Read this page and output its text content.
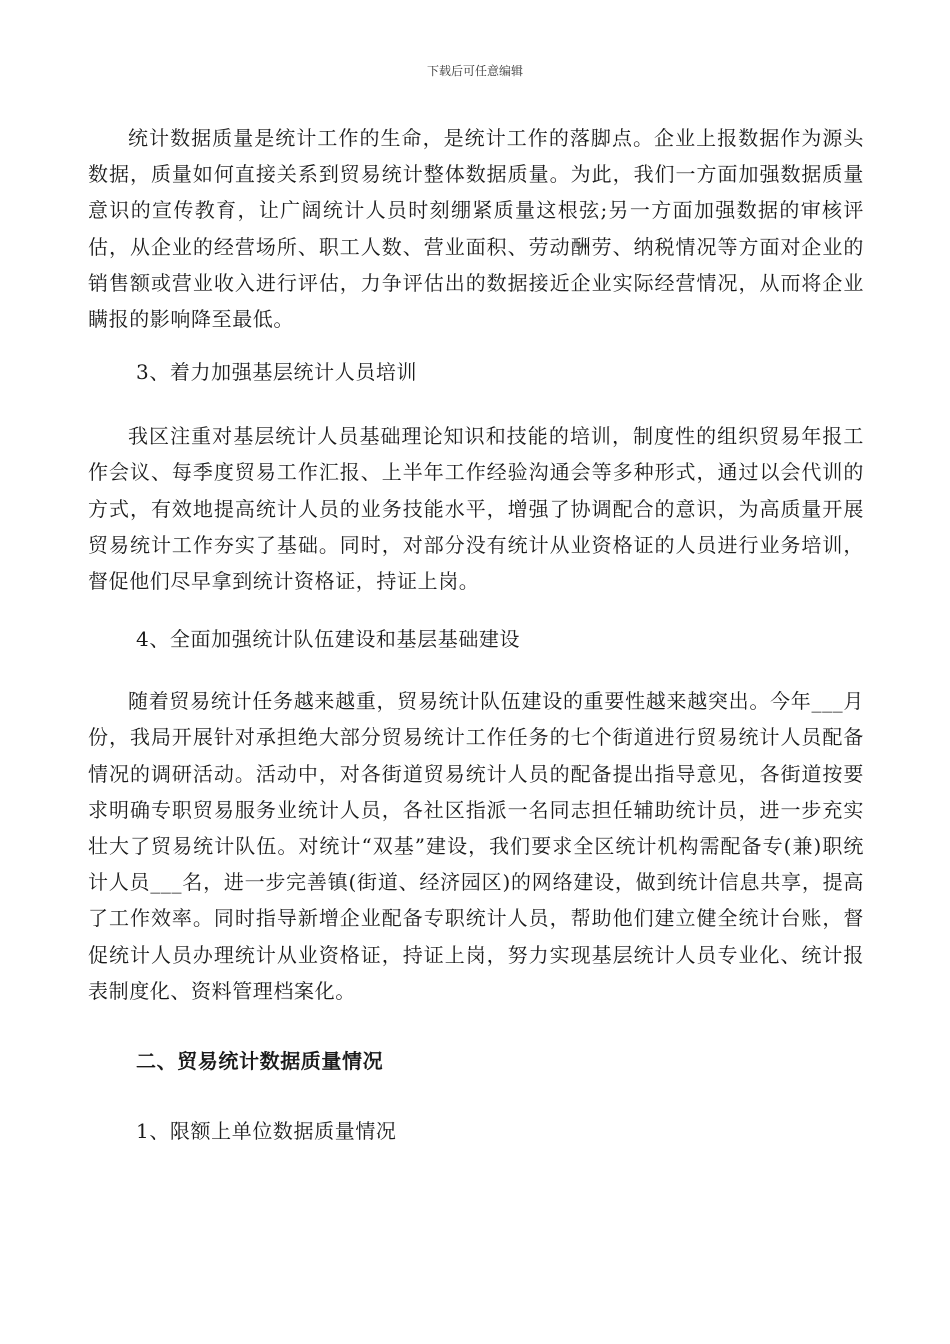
下载后可任意编辑

统计数据质量是统计工作的生命，是统计工作的落脚点。企业上报数据作为源头数据，质量如何直接关系到贸易统计整体数据质量。为此，我们一方面加强数据质量意识的宣传教育，让广阔统计人员时刻绷紧质量这根弦;另一方面加强数据的审核评估，从企业的经营场所、职工人数、营业面积、劳动酬劳、纳税情况等方面对企业的销售额或营业收入进行评估，力争评估出的数据接近企业实际经营情况，从而将企业瞒报的影响降至最低。

3、着力加强基层统计人员培训

我区注重对基层统计人员基础理论知识和技能的培训，制度性的组织贸易年报工作会议、每季度贸易工作汇报、上半年工作经验沟通会等多种形式，通过以会代训的方式，有效地提高统计人员的业务技能水平，增强了协调配合的意识，为高质量开展贸易统计工作夯实了基础。同时，对部分没有统计从业资格证的人员进行业务培训，督促他们尽早拿到统计资格证，持证上岗。

4、全面加强统计队伍建设和基层基础建设

随着贸易统计任务越来越重，贸易统计队伍建设的重要性越来越突出。今年___月份，我局开展针对承担绝大部分贸易统计工作任务的七个街道进行贸易统计人员配备情况的调研活动。活动中，对各街道贸易统计人员的配备提出指导意见，各街道按要求明确专职贸易服务业统计人员，各社区指派一名同志担任辅助统计员，进一步充实壮大了贸易统计队伍。对统计“双基”建设，我们要求全区统计机构需配备专(兼)职统计人员___名，进一步完善镇(街道、经济园区)的网络建设，做到统计信息共享，提高了工作效率。同时指导新增企业配备专职统计人员，帮助他们建立健全统计台账，督促统计人员办理统计从业资格证，持证上岗，努力实现基层统计人员专业化、统计报表制度化、资料管理档案化。

二、贸易统计数据质量情况

1、限额上单位数据质量情况
